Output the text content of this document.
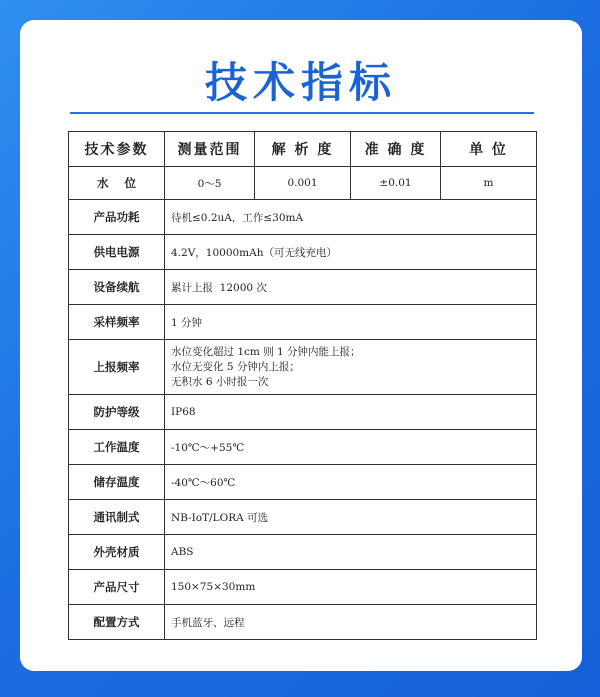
技术指标
技术参数	测量范围	解 析 度	准 确 度	单 位
水    位	0～5	0.001	±0.01	m
产品功耗	待机≤0.2uA，工作≤30mA			
供电电源	4.2V，10000mAh（可无线充电）			
设备续航	累计上报  12000 次			
采样频率	1 分钟			
上报频率	水位变化超过 1cm 则 1 分钟内能上报；
水位无变化 5 分钟内上报；
无积水 6 小时报一次			

防护等级	IP68			
工作温度	-10℃～+55℃			
储存温度	-40℃～60℃			
通讯制式	NB-IoT/LORA 可选			
外壳材质	ABS			
产品尺寸	150×75×30mm			
配置方式	手机蓝牙、远程			
